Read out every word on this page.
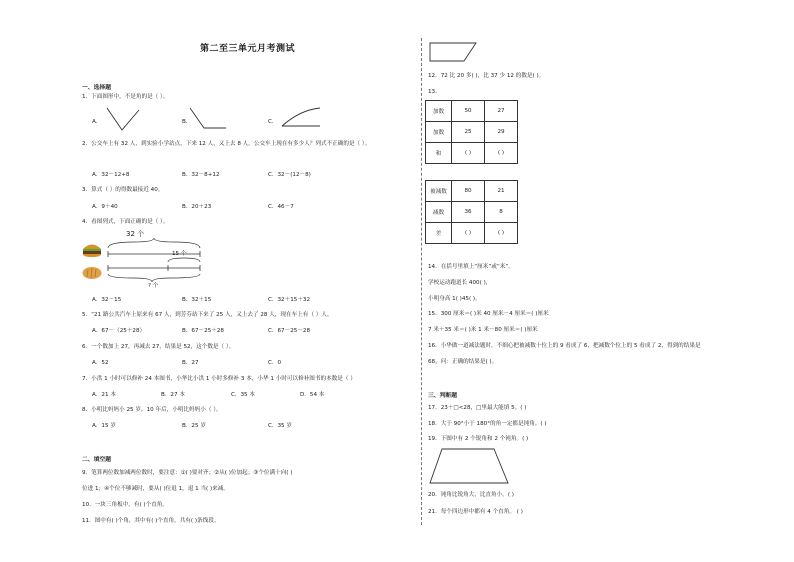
第二至三单元月考测试
一、选择题
1．下面图形中，不是角的是（ ）。
A．	B．	C．
2．公交车上有 32 人，到实验小学站点，下来 12 人，又上去 8 人。公交车上现在有多少人？列式不正确的是（ ）。
A．32－12+8	B．32－8+12	C．32－(12－8)
3．算式（ ）的得数最接近 40。
A．9＋40	B．20＋23	C．46－7
4．看图列式，下面正确的是（ ）。
32 个
15 个
? 个
A．32－15	B．32＋15	C．32＋15＋32
5．“21 路公共汽车上原来有 67 人，到芳芬站下来了 25 人，又上去了 28 人，现在车上有（ ）人。
A．67－（25＋28）	B．67－25＋28	C．67－25－28
6．一个数加上 27，再减去 27，结果是 52，这个数是（ ）。
A．52	B．27	C．0
7．小洪 1 小时可以修补 24 本图书，小华比小洪 1 小时多修补 3 本，小华 1 小时可以修补图书的本数是（ ）
A．21 本	B．27 本	C．35 本	D．54 本
8．小明比妈妈小 25 岁，10 年后，小明比妈妈小（ ）。
A．15 岁	B．25 岁	C．35 岁
二、填空题
9．笔算两位数加减两位数时，要注意：①( )要对齐；②从( )位加起；③个位满十向( )
位进 1；④个位不够减时，要从( )位退 1，退 1 当( )来减。
10．一块三角板中，有( )个直角。
11．图中有( )个角，其中有( )个直角，共有( )条线段。
12．72 比 20 多( )，比 37 少 12 的数是( )。
13．
加数	50	27
加数	25	29
和	( )	( )
被减数	80	21
减数	36	8
差	( )	( )
14．在括号里填上“厘米”或“米”。
学校运动跑道长 400( )，
小明身高 1( )45( )。
15．300 厘米＝( )米 40 厘米－4 厘米＝( )厘米
7 米＋35 米＝( )米 1 米－80 厘米＝( )厘米
16．小华做一道减法题时，不细心把被减数十位上的 9 看成了 6，把减数个位上的 5 看成了 2，得到的结果是
68，问：正确的结果是( )。
三、判断题
17．23＋□<28，□里最大能填 5。( )
18．大于 90°小于 180°的角一定都是钝角。( )
19．下图中有 2 个锐角和 2 个钝角。( )
20．钝角比锐角大，比直角小。( )
21．每个四边形中都有 4 个直角。 ( )
